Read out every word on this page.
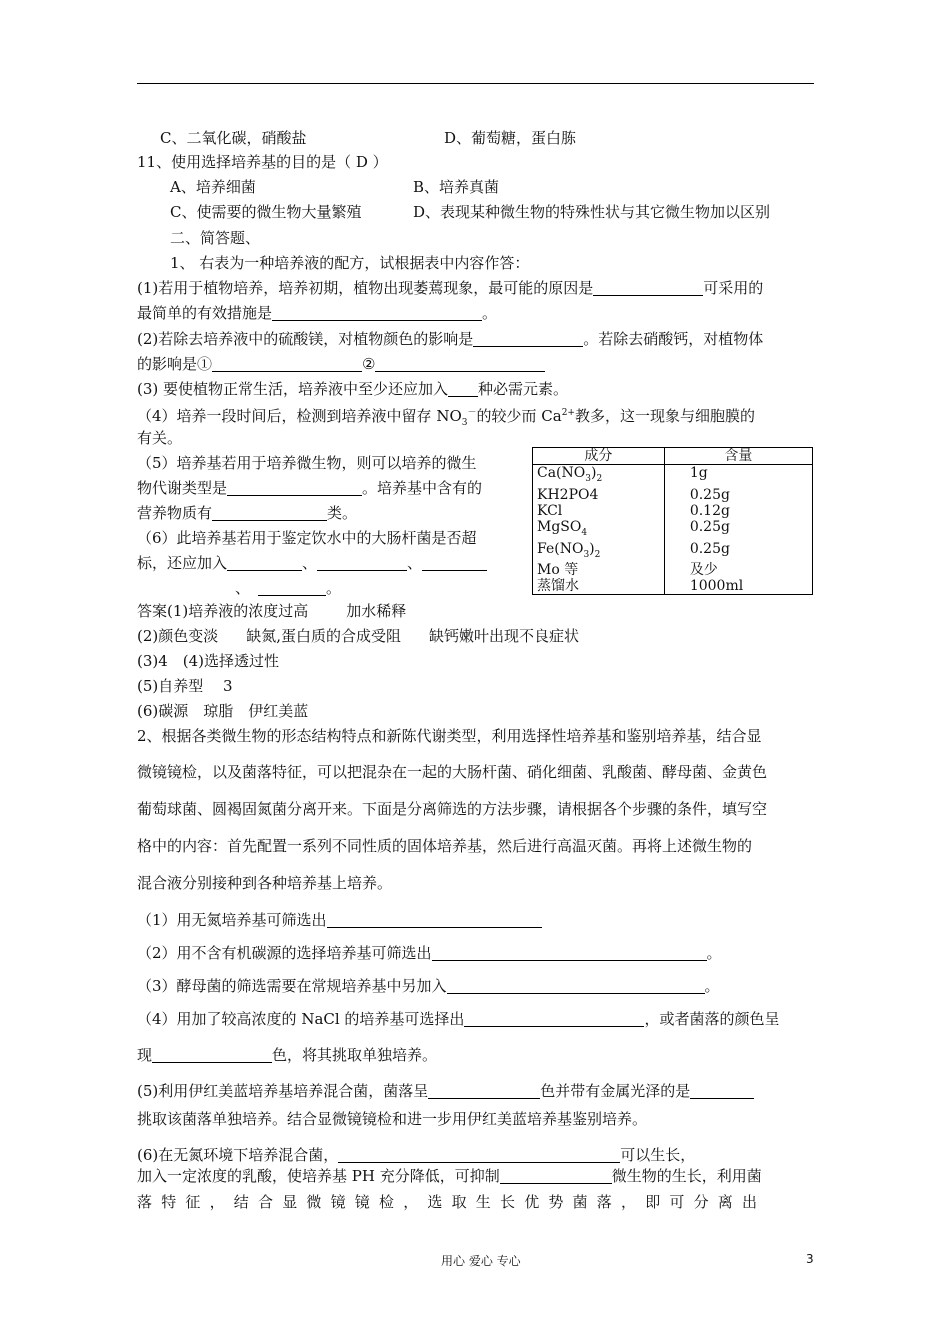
C、二氧化碳，硝酸盐	D、葡萄糖，蛋白胨
11、使用选择培养基的目的是（ D ）
A、培养细菌	B、培养真菌
C、使需要的微生物大量繁殖	D、表现某种微生物的特殊性状与其它微生物加以区别
二、简答题、
1、 右表为一种培养液的配方，试根据表中内容作答：
(1)若用于植物培养，培养初期，植物出现萎蔫现象，最可能的原因是	可采用的
最简单的有效措施是	。
(2)若除去培养液中的硫酸镁，对植物颜色的影响是	。若除去硝酸钙，对植物体
的影响是①	②
(3) 要使植物正常生活，培养液中至少还应加入 种必需元素。
（4）培养一段时间后，检测到培养液中留存 $NO_3^-$的较少而 $Ca^{2+}$教多，这一现象与细胞膜的
有关。
（5）培养基若用于培养微生物，则可以培养的微生
物代谢类型是	。培养基中含有的
营养物质有	类。
（6）此培养基若用于鉴定饮水中的大肠杆菌是否超
标，还应加入	、	、
、	。
成分	含量
$Ca(NO_3)_2$	1g
KH2PO4	0.25g
KCl	0.12g
MgSO$_4$	0.25g
$Fe(NO_3)_2$	0.25g
Mo 等	及少
蒸馏水	1000ml
答案(1)培养液的浓度过高	加水稀释
(2)颜色变淡 缺氮,蛋白质的合成受阻 缺钙嫩叶出现不良症状
(3)4　(4)选择透过性
(5)自养型　 3
(6)碳源　琼脂　伊红美蓝
2、根据各类微生物的形态结构特点和新陈代谢类型，利用选择性培养基和鉴别培养基，结合显
微镜镜检，以及菌落特征，可以把混杂在一起的大肠杆菌、硝化细菌、乳酸菌、酵母菌、金黄色
葡萄球菌、圆褐固氮菌分离开来。下面是分离筛选的方法步骤，请根据各个步骤的条件，填写空
格中的内容：首先配置一系列不同性质的固体培养基，然后进行高温灭菌。再将上述微生物的
混合液分别接种到各种培养基上培养。
（1）用无氮培养基可筛选出
（2）用不含有机碳源的选择培养基可筛选出	。
（3）酵母菌的筛选需要在常规培养基中另加入	。
（4）用加了较高浓度的 NaCl 的培养基可选择出	，或者菌落的颜色呈
现	色，将其挑取单独培养。
(5)利用伊红美蓝培养基培养混合菌，菌落呈	色并带有金属光泽的是
挑取该菌落单独培养。结合显微镜镜检和进一步用伊红美蓝培养基鉴别培养。
(6)在无氮环境下培养混合菌，	可以生长，
加入一定浓度的乳酸，使培养基 PH 充分降低，可抑制	微生物的生长，利用菌
落特征，结合显微镜镜检，选取生长优势菌落，即可分离出
用心 爱心 专心	3
